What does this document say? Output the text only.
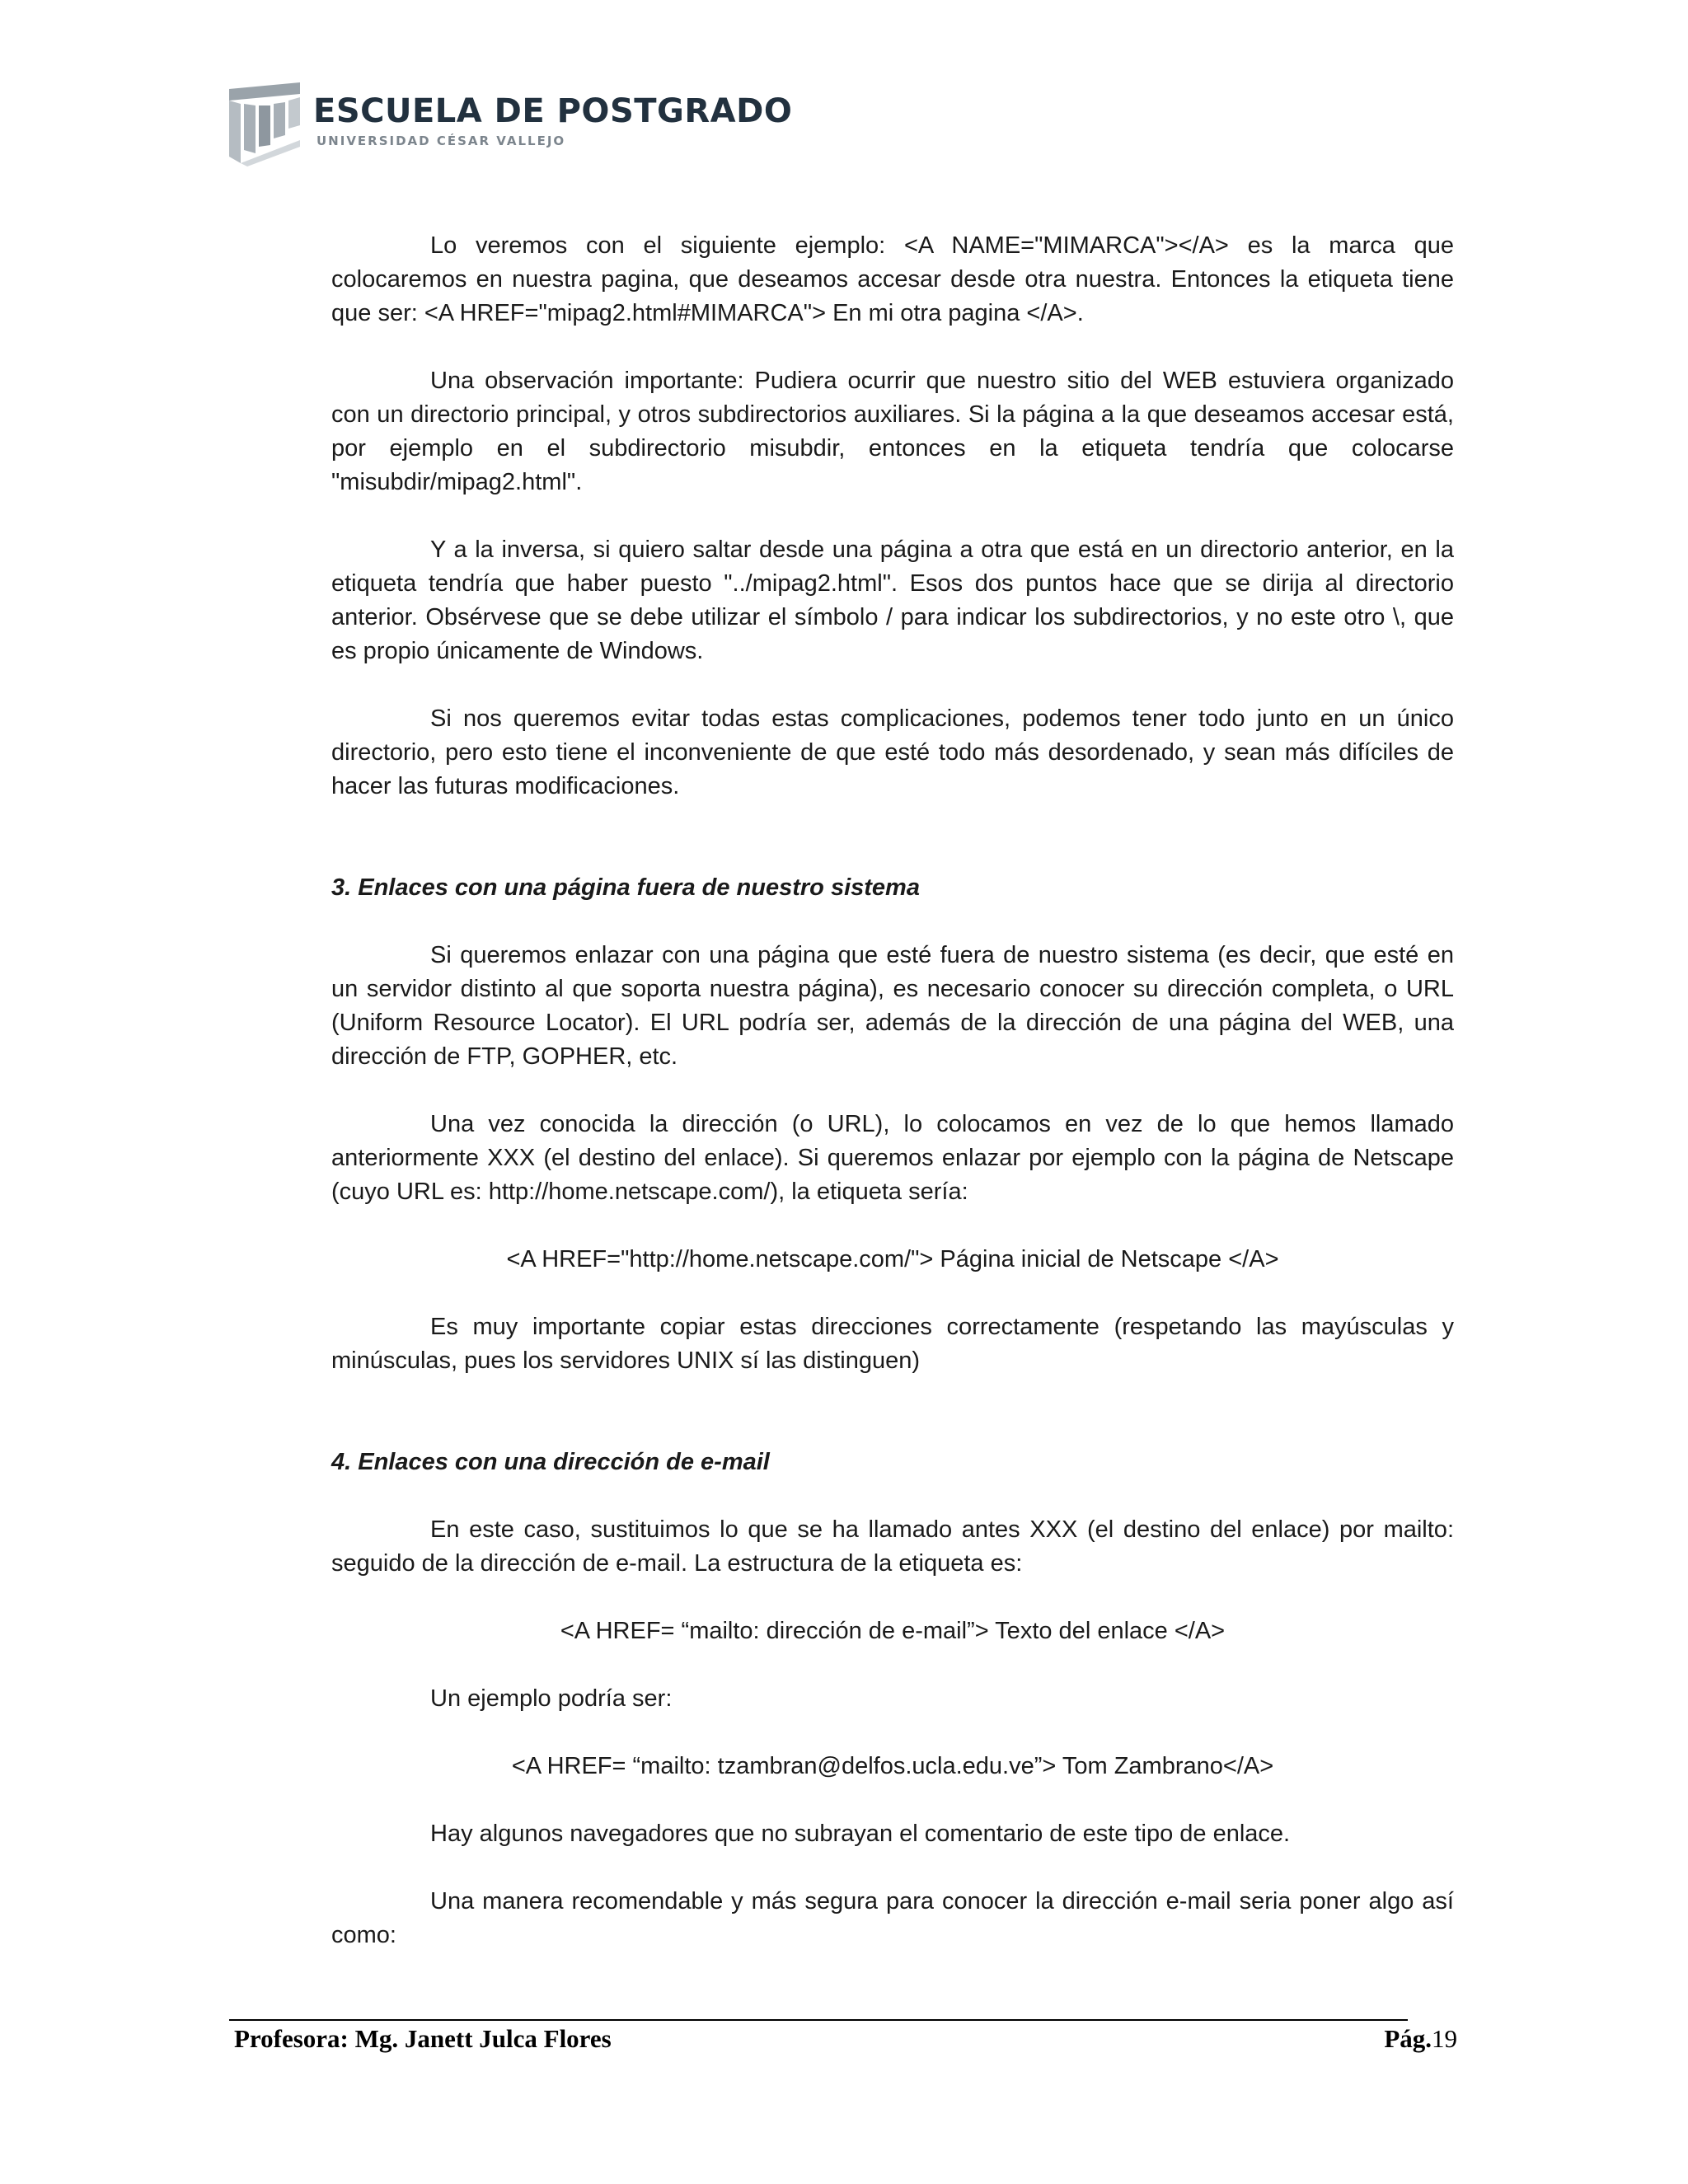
ESCUELA DE POSTGRADO
UNIVERSIDAD CÉSAR VALLEJO

Lo veremos con el siguiente ejemplo: <A NAME="MIMARCA"></A> es la marca que colocaremos en nuestra pagina, que deseamos accesar desde otra nuestra. Entonces la etiqueta tiene que ser: <A HREF="mipag2.html#MIMARCA"> En mi otra pagina </A>.

Una observación importante: Pudiera ocurrir que nuestro sitio del WEB estuviera organizado con un directorio principal, y otros subdirectorios auxiliares. Si la página a la que deseamos accesar está, por ejemplo en el subdirectorio misubdir, entonces en la etiqueta tendría que colocarse "misubdir/mipag2.html".

Y a la inversa, si quiero saltar desde una página a otra que está en un directorio anterior, en la etiqueta tendría que haber puesto "../mipag2.html". Esos dos puntos hace que se dirija al directorio anterior. Obsérvese que se debe utilizar el símbolo / para indicar los subdirectorios, y no este otro \, que es propio únicamente de Windows.

Si nos queremos evitar todas estas complicaciones, podemos tener todo junto en un único directorio, pero esto tiene el inconveniente de que esté todo más desordenado, y sean más difíciles de hacer las futuras modificaciones.

3. Enlaces con una página fuera de nuestro sistema

Si queremos enlazar con una página que esté fuera de nuestro sistema (es decir, que esté en un servidor distinto al que soporta nuestra página), es necesario conocer su dirección completa, o URL (Uniform Resource Locator). El URL podría ser, además de la dirección de una página del WEB, una dirección de FTP, GOPHER, etc.

Una vez conocida la dirección (o URL), lo colocamos en vez de lo que hemos llamado anteriormente XXX (el destino del enlace). Si queremos enlazar por ejemplo con la página de Netscape (cuyo URL es: http://home.netscape.com/), la etiqueta sería:

<A HREF="http://home.netscape.com/"> Página inicial de Netscape </A>

Es muy importante copiar estas direcciones correctamente (respetando las mayúsculas y minúsculas, pues los servidores UNIX sí las distinguen)

4. Enlaces con una dirección de e-mail

En este caso, sustituimos lo que se ha llamado antes XXX (el destino del enlace) por mailto: seguido de la dirección de e-mail. La estructura de la etiqueta es:

<A HREF= “mailto: dirección de e-mail”> Texto del enlace </A>

Un ejemplo podría ser:

<A HREF= “mailto: tzambran@delfos.ucla.edu.ve”> Tom Zambrano</A>

Hay algunos navegadores que no subrayan el comentario de este tipo de enlace.

Una manera recomendable y más segura para conocer la dirección e-mail seria poner algo así como:

Profesora: Mg. Janett Julca Flores	Pág.19
